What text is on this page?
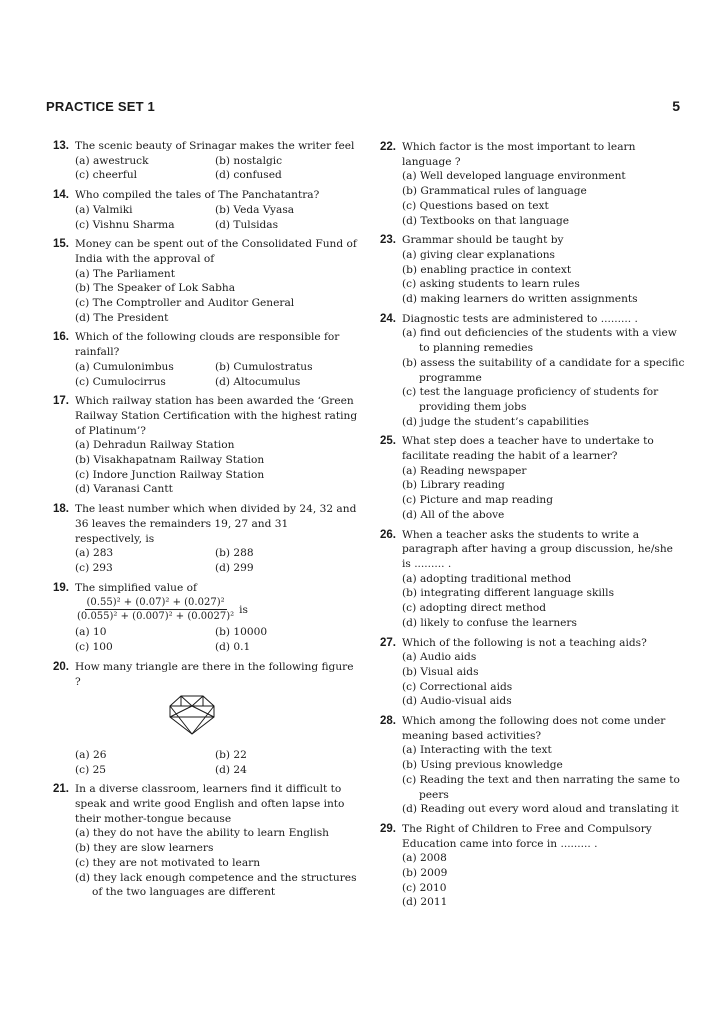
PRACTICE SET 1	5
13. The scenic beauty of Srinagar makes the writer feel
(a) awestruck	(b) nostalgic
(c) cheerful	(d) confused
14. Who compiled the tales of The Panchatantra?
(a) Valmiki	(b) Veda Vyasa
(c) Vishnu Sharma	(d) Tulsidas
15. Money can be spent out of the Consolidated Fund of India with the approval of
(a) The Parliament
(b) The Speaker of Lok Sabha
(c) The Comptroller and Auditor General
(d) The President
16. Which of the following clouds are responsible for rainfall?
(a) Cumulonimbus	(b) Cumulostratus
(c) Cumulocirrus	(d) Altocumulus
17. Which railway station has been awarded the ‘Green Railway Station Certification with the highest rating of Platinum’?
(a) Dehradun Railway Station
(b) Visakhapatnam Railway Station
(c) Indore Junction Railway Station
(d) Varanasi Cantt
18. The least number which when divided by 24, 32 and 36 leaves the remainders 19, 27 and 31 respectively, is
(a) 283	(b) 288
(c) 293	(d) 299
19. The simplified value of
$\frac{\text{(0.55)² + (0.07)² + (0.027)²}}{\text{(0.055)² + (0.007)² + (0.0027)²}}$ is
(a) 10	(b) 10000
(c) 100	(d) 0.1
20. How many triangle are there in the following figure ?
(a) 26	(b) 22
(c) 25	(d) 24
21. In a diverse classroom, learners find it difficult to speak and write good English and often lapse into their mother-tongue because
(a) they do not have the ability to learn English
(b) they are slow learners
(c) they are not motivated to learn
(d) they lack enough competence and the structures of the two languages are different
22. Which factor is the most important to learn language ?
(a) Well developed language environment
(b) Grammatical rules of language
(c) Questions based on text
(d) Textbooks on that language
23. Grammar should be taught by
(a) giving clear explanations
(b) enabling practice in context
(c) asking students to learn rules
(d) making learners do written assignments
24. Diagnostic tests are administered to ......... .
(a) find out deficiencies of the students with a view to planning remedies
(b) assess the suitability of a candidate for a specific programme
(c) test the language proficiency of students for providing them jobs
(d) judge the student’s capabilities
25. What step does a teacher have to undertake to facilitate reading the habit of a learner?
(a) Reading newspaper
(b) Library reading
(c) Picture and map reading
(d) All of the above
26. When a teacher asks the students to write a paragraph after having a group discussion, he/she is ......... .
(a) adopting traditional method
(b) integrating different language skills
(c) adopting direct method
(d) likely to confuse the learners
27. Which of the following is not a teaching aids?
(a) Audio aids
(b) Visual aids
(c) Correctional aids
(d) Audio-visual aids
28. Which among the following does not come under meaning based activities?
(a) Interacting with the text
(b) Using previous knowledge
(c) Reading the text and then narrating the same to peers
(d) Reading out every word aloud and translating it
29. The Right of Children to Free and Compulsory Education came into force in ......... .
(a) 2008
(b) 2009
(c) 2010
(d) 2011
